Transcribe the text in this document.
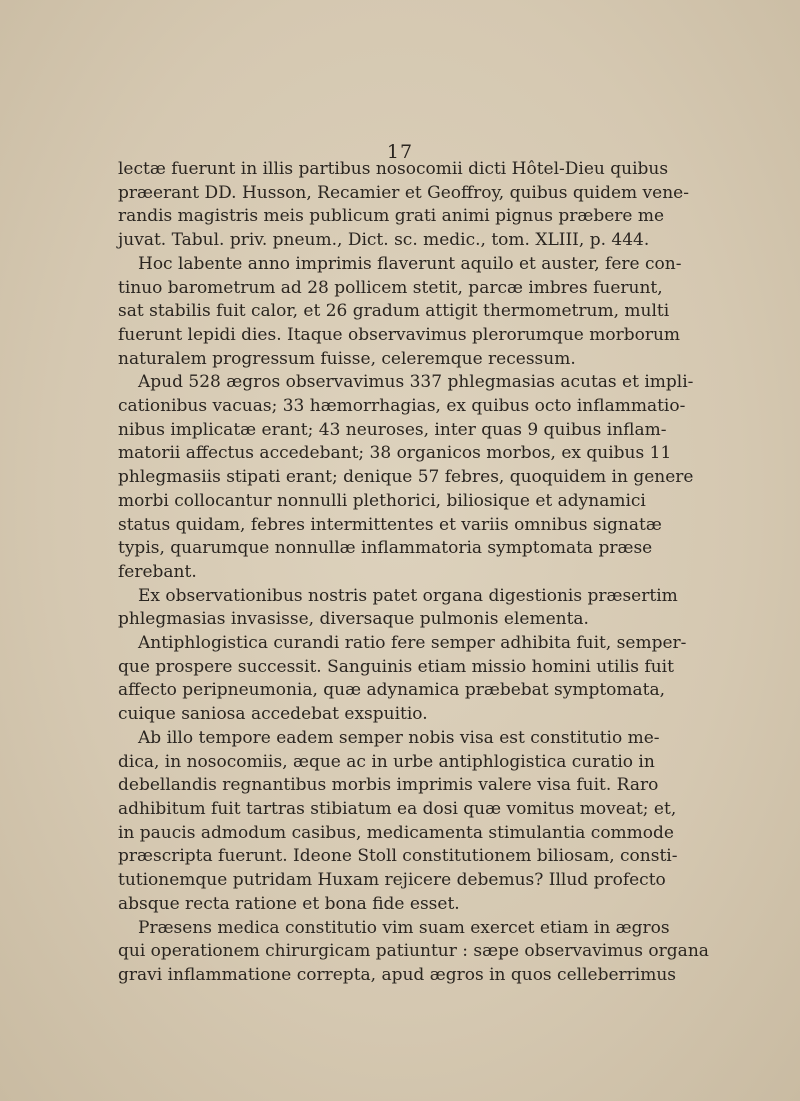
17
lectæ fuerunt in illis partibus nosocomii dicti Hôtel-Dieu quibus
præerant DD. Husson, Recamier et Geoffroy, quibus quidem vene-
randis magistris meis publicum grati animi pignus præbere me
juvat. Tabul. priv. pneum., Dict. sc. medic., tom. XLIII, p. 444.
Hoc labente anno imprimis flaverunt aquilo et auster, fere con-
tinuo barometrum ad 28 pollicem stetit, parcæ imbres fuerunt,
sat stabilis fuit calor, et 26 gradum attigit thermometrum, multi
fuerunt lepidi dies. Itaque observavimus plerorumque morborum
naturalem progressum fuisse, celeremque recessum.
Apud 528 ægros observavimus 337 phlegmasias acutas et impli-
cationibus vacuas; 33 hæmorrhagias, ex quibus octo inflammatio-
nibus implicatæ erant; 43 neuroses, inter quas 9 quibus inflam-
matorii affectus accedebant; 38 organicos morbos, ex quibus 11
phlegmasiis stipati erant; denique 57 febres, quoquidem in genere
morbi collocantur nonnulli plethorici, biliosique et adynamici
status quidam, febres intermittentes et variis omnibus signatæ
typis, quarumque nonnullæ inflammatoria symptomata præse
ferebant.
Ex observationibus nostris patet organa digestionis præsertim
phlegmasias invasisse, diversaque pulmonis elementa.
Antiphlogistica curandi ratio fere semper adhibita fuit, semper-
que prospere successit. Sanguinis etiam missio homini utilis fuit
affecto peripneumonia, quæ adynamica præbebat symptomata,
cuique saniosa accedebat exspuitio.
Ab illo tempore eadem semper nobis visa est constitutio me-
dica, in nosocomiis, æque ac in urbe antiphlogistica curatio in
debellandis regnantibus morbis imprimis valere visa fuit. Raro
adhibitum fuit tartras stibiatum ea dosi quæ vomitus moveat; et,
in paucis admodum casibus, medicamenta stimulantia commode
præscripta fuerunt. Ideone Stoll constitutionem biliosam, consti-
tutionemque putridam Huxam rejicere debemus? Illud profecto
absque recta ratione et bona fide esset.
Præsens medica constitutio vim suam exercet etiam in ægros
qui operationem chirurgicam patiuntur : sæpe observavimus organa
gravi inflammatione correpta, apud ægros in quos celleberrimus
